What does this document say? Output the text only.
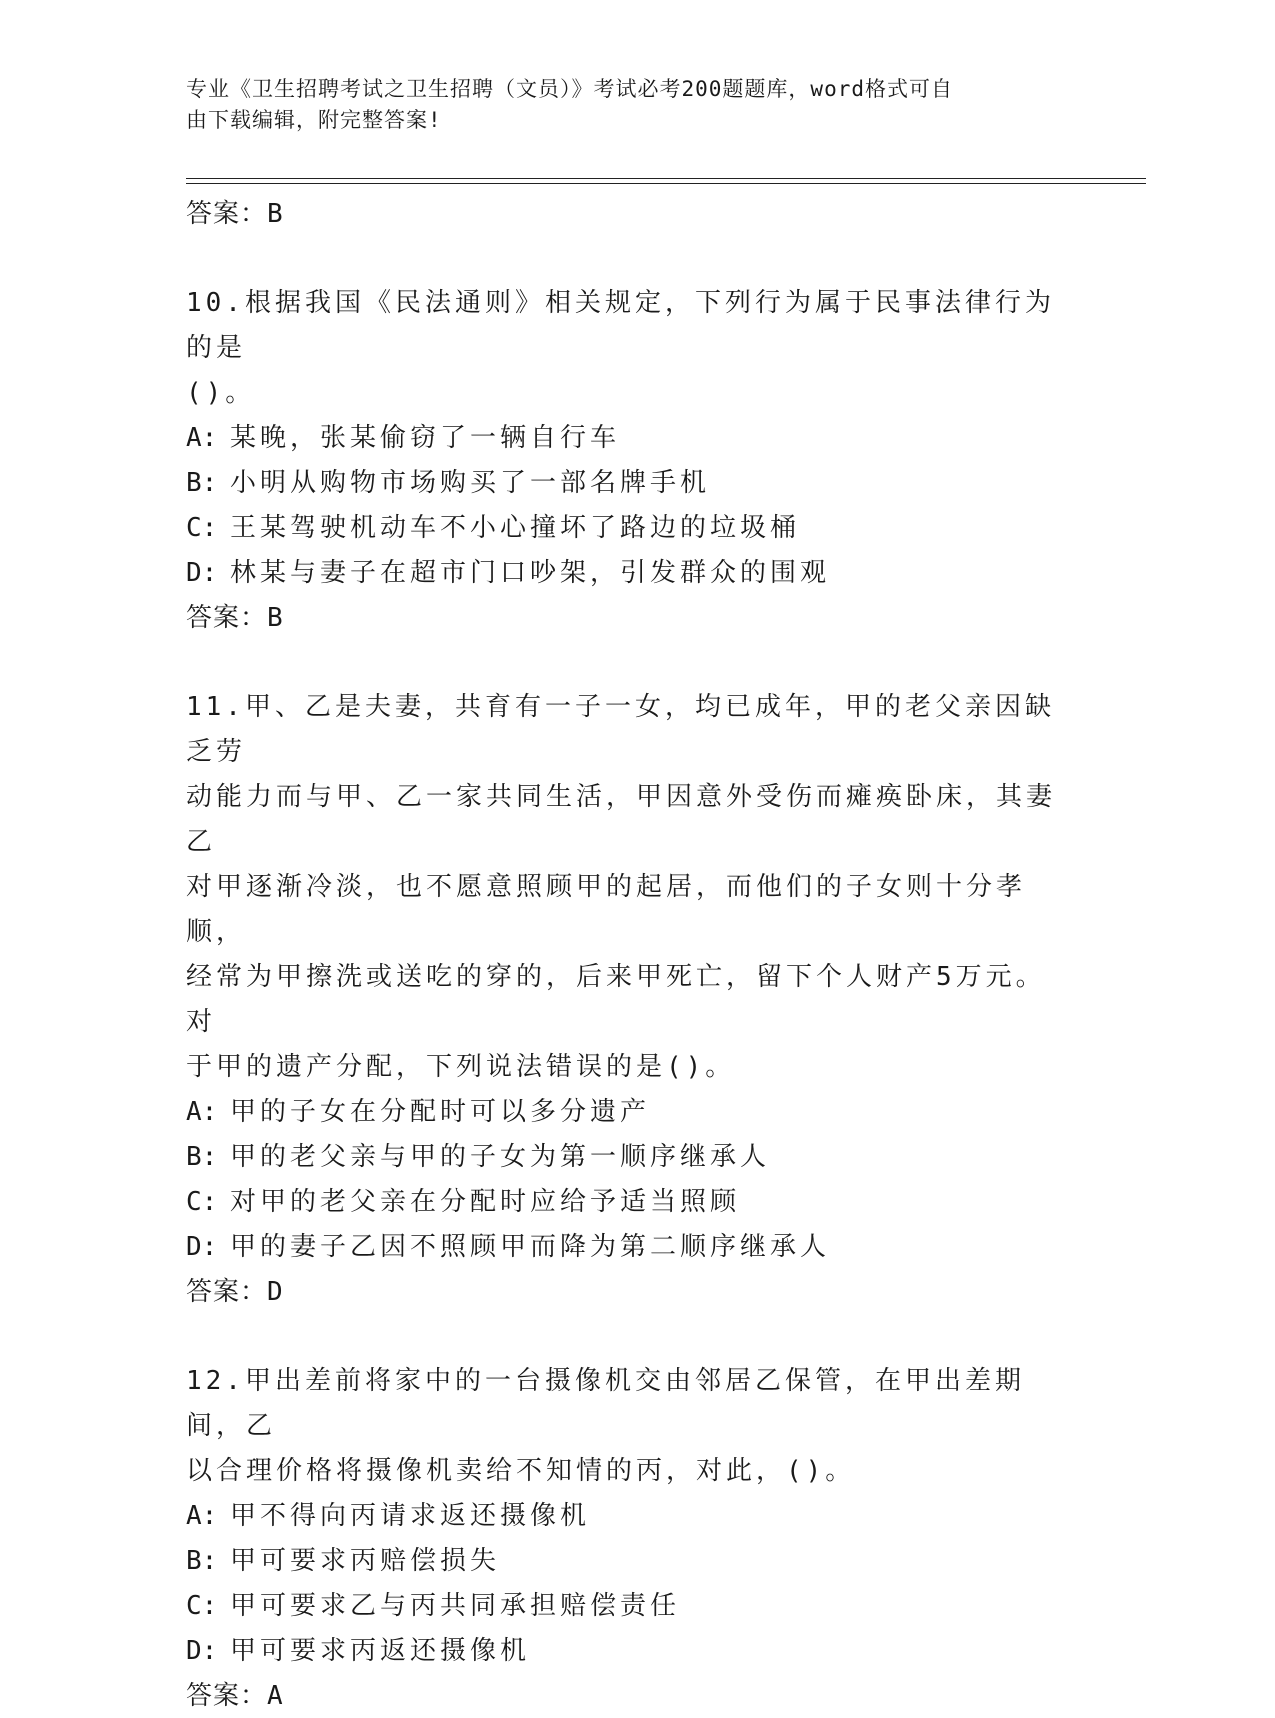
专业《卫生招聘考试之卫生招聘（文员）》考试必考200题题库，word格式可自
由下载编辑，附完整答案!
答案：B
10.根据我国《民法通则》相关规定，下列行为属于民事法律行为的是
()。
A: 某晚，张某偷窃了一辆自行车
B: 小明从购物市场购买了一部名牌手机
C: 王某驾驶机动车不小心撞坏了路边的垃圾桶
D: 林某与妻子在超市门口吵架，引发群众的围观
答案：B
11.甲、乙是夫妻，共育有一子一女，均已成年，甲的老父亲因缺乏劳
动能力而与甲、乙一家共同生活，甲因意外受伤而瘫痪卧床，其妻乙
对甲逐渐冷淡，也不愿意照顾甲的起居，而他们的子女则十分孝顺，
经常为甲擦洗或送吃的穿的，后来甲死亡，留下个人财产5万元。对
于甲的遗产分配，下列说法错误的是()。
A: 甲的子女在分配时可以多分遗产
B: 甲的老父亲与甲的子女为第一顺序继承人
C: 对甲的老父亲在分配时应给予适当照顾
D: 甲的妻子乙因不照顾甲而降为第二顺序继承人
答案：D
12.甲出差前将家中的一台摄像机交由邻居乙保管，在甲出差期间，乙
以合理价格将摄像机卖给不知情的丙，对此，()。
A: 甲不得向丙请求返还摄像机
B: 甲可要求丙赔偿损失
C: 甲可要求乙与丙共同承担赔偿责任
D: 甲可要求丙返还摄像机
答案：A
